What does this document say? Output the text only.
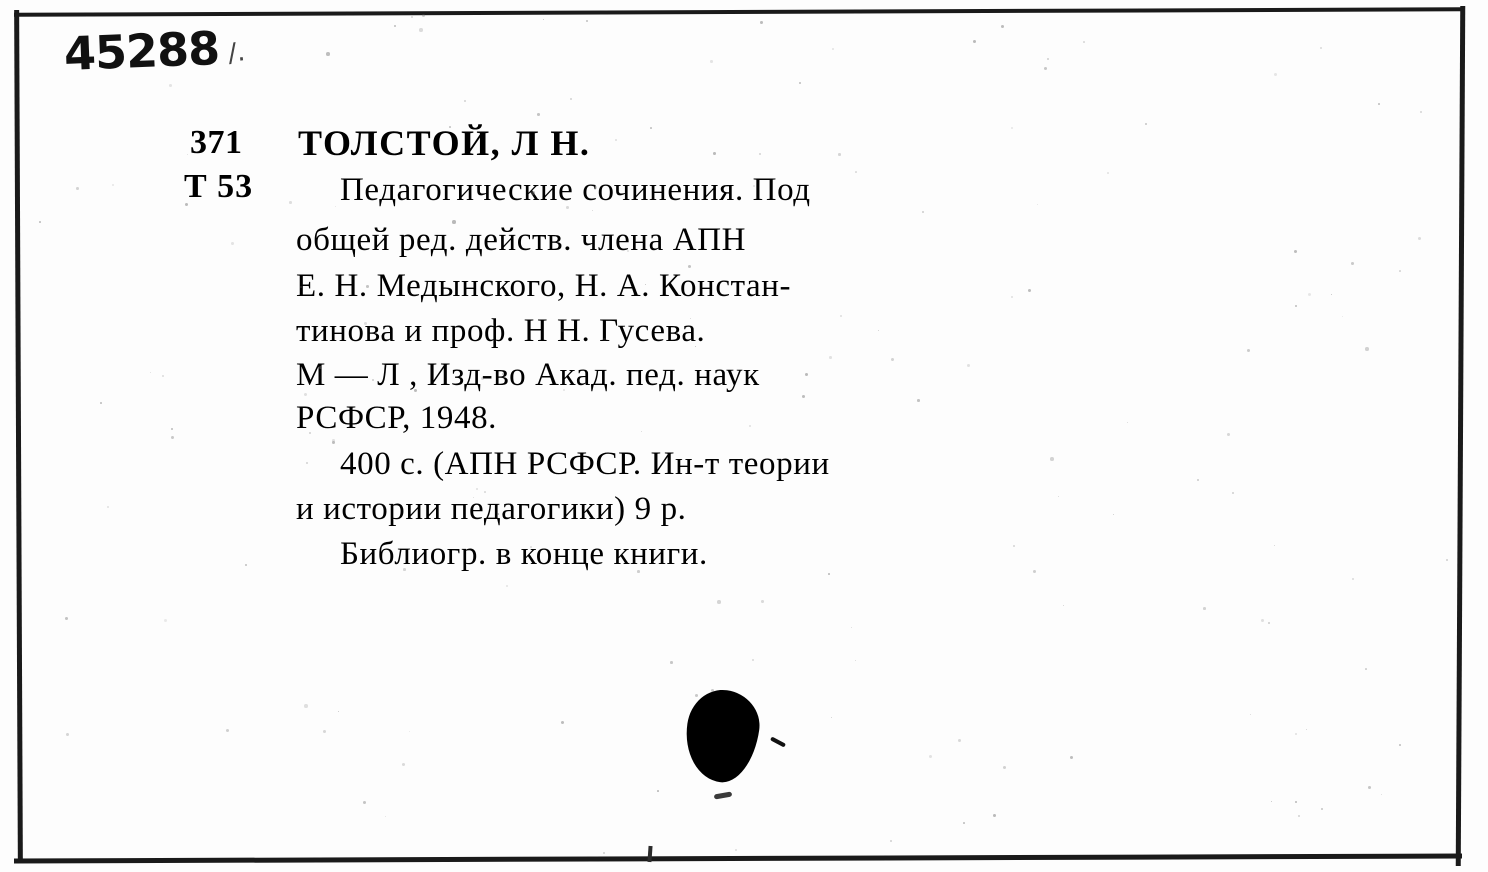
45288 /.
371
Т 53
ТОЛСТОЙ, Л Н.
Педагогические сочинения. Под
общей ред. действ. члена АПН
Е. Н. Медынского, Н. А. Констан-
тинова и проф. Н Н. Гусева.
М — Л , Изд-во Акад. пед. наук
РСФСР, 1948.
400 с. (АПН РСФСР. Ин-т теории
и истории педагогики) 9 р.
Библиогр. в конце книги.
